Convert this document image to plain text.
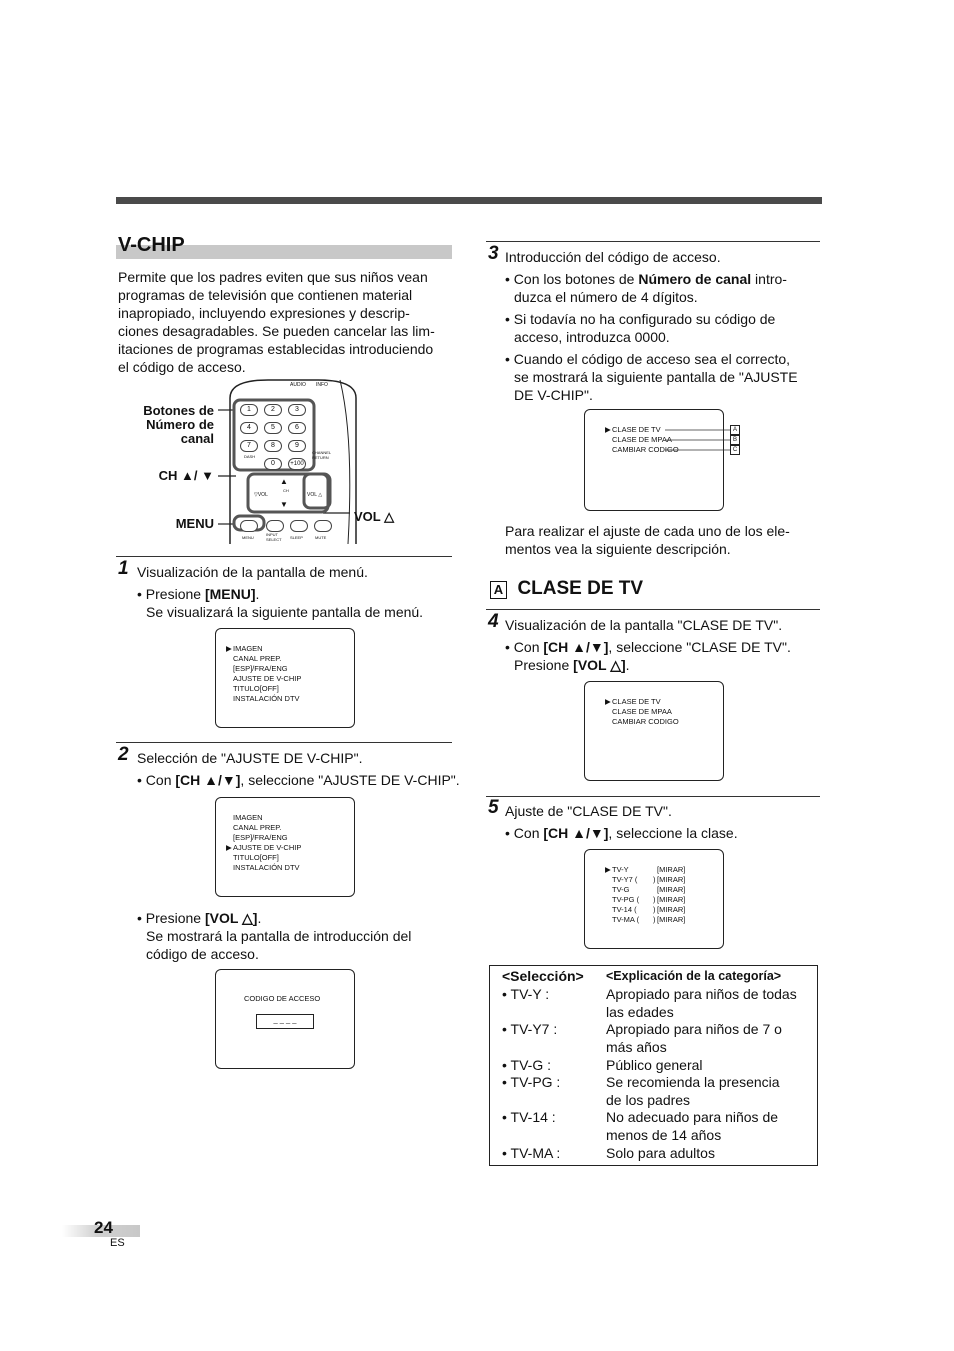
V-CHIP
Permite que los padres eviten que sus niños vean
programas de televisión que contienen material
inapropiado, incluyendo expresiones y descrip-
ciones desagradables. Se pueden cancelar las lim-
itaciones de programas establecidas introduciendo
el código de acceso.
AUDIO INFO
1	2	3
4	5	6
7	8	9
DASH
0	+100
CHANNEL RETURN
▲
CH
▽VOL	VOL △
▼
MENU
INPUT SELECT	SLEEP	MUTE
Botones de
Número de
canal
CH ▲/ ▼
MENU	VOL △
1 Visualización de la pantalla de menú.
• Presione [MENU].
Se visualizará la siguiente pantalla de menú.
▶ IMAGEN
CANAL PREP.
[ESP]/FRA/ENG
AJUSTE DE V-CHIP
TITULO[OFF]
INSTALACIÓN DTV
2 Selección de "AJUSTE DE V-CHIP".
• Con [CH ▲/▼], seleccione "AJUSTE DE V-CHIP".
IMAGEN
CANAL PREP.
[ESP]/FRA/ENG
▶ AJUSTE DE V-CHIP
TITULO[OFF]
INSTALACIÓN DTV
• Presione [VOL △].
Se mostrará la pantalla de introducción del
código de acceso.
CODIGO DE ACCESO
_ _ _ _
3 Introducción del código de acceso.
• Con los botones de Número de canal intro-
duzca el número de 4 dígitos.
• Si todavía no ha configurado su código de
acceso, introduzca 0000.
• Cuando el código de acceso sea el correcto,
se mostrará la siguiente pantalla de "AJUSTE
DE V-CHIP".
▶ CLASE DE TV
CLASE DE MPAA
CAMBIAR CODIGO
A
B
C
Para realizar el ajuste de cada uno de los ele-
mentos vea la siguiente descripción.
A CLASE DE TV
4 Visualización de la pantalla "CLASE DE TV".
• Con [CH ▲/▼], seleccione "CLASE DE TV".
Presione [VOL △].
▶ CLASE DE TV
CLASE DE MPAA
CAMBIAR CODIGO
5 Ajuste de "CLASE DE TV".
• Con [CH ▲/▼], seleccione la clase.
▶ TV-Y	[MIRAR]
TV-Y7 ( ) [MIRAR]
TV-G	[MIRAR]
TV-PG ( ) [MIRAR]
TV-14 ( ) [MIRAR]
TV-MA ( ) [MIRAR]
<Selección> <Explicación de la categoría>
• TV-Y :	Apropiado para niños de todas
las edades
• TV-Y7 :	Apropiado para niños de 7 o
más años
• TV-G :	Público general
• TV-PG :	Se recomienda la presencia
de los padres
• TV-14 :	No adecuado para niños de
menos de 14 años
• TV-MA :	Solo para adultos
24
ES
